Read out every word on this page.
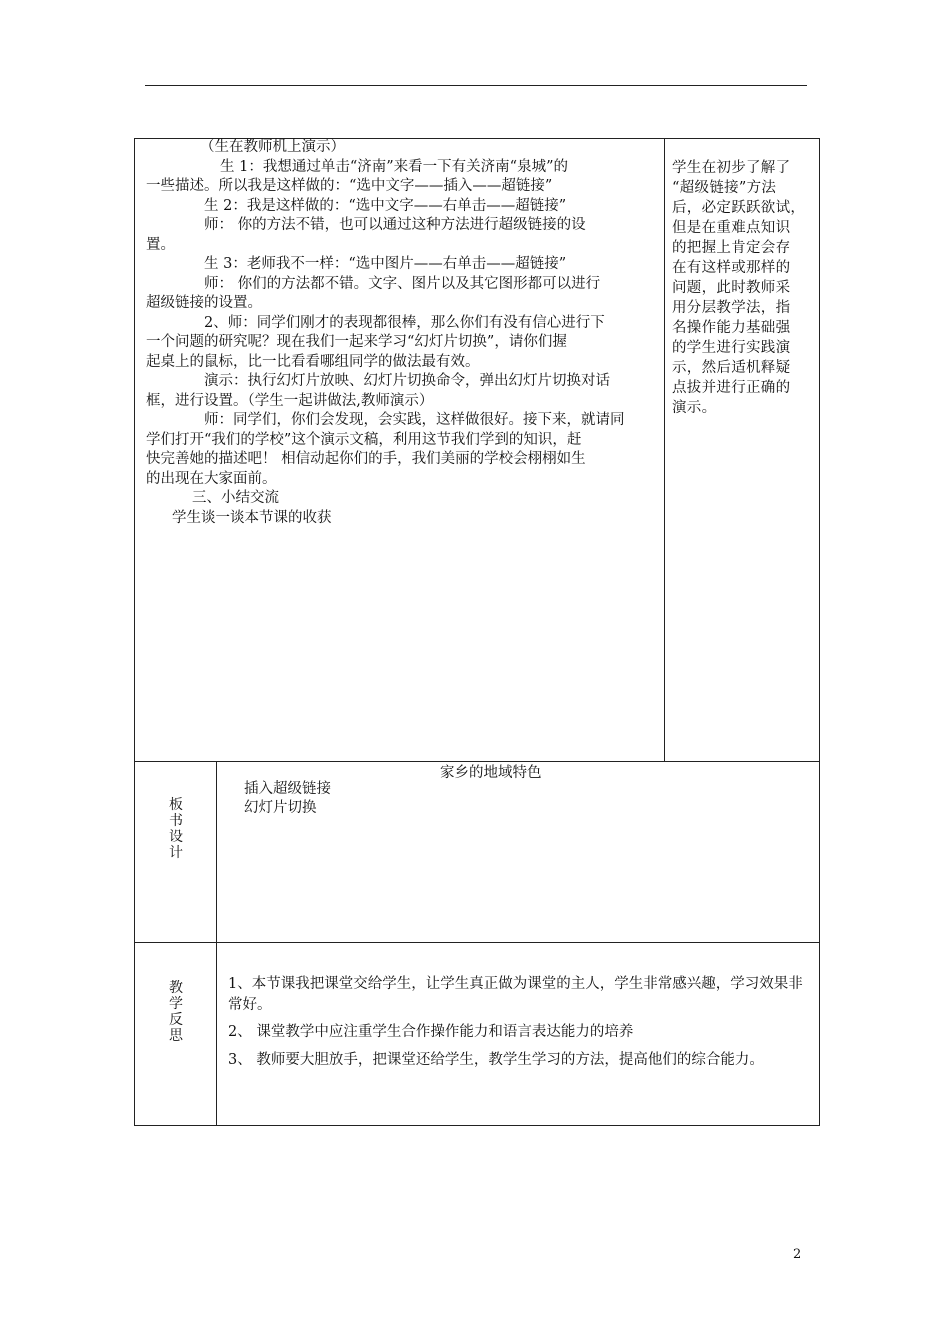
（生在教师机上演示）

生 1：我想通过单击“济南”来看一下有关济南“泉城”的

一些描述。所以我是这样做的：“选中文字——插入——超链接”

生 2：我是这样做的：“选中文字——右单击——超链接”

师： 你的方法不错，也可以通过这种方法进行超级链接的设

置。

生 3：老师我不一样：“选中图片——右单击——超链接”

师： 你们的方法都不错。文字、图片以及其它图形都可以进行

超级链接的设置。

2、师：同学们刚才的表现都很棒，那么你们有没有信心进行下

一个问题的研究呢？现在我们一起来学习“幻灯片切换”，请你们握

起桌上的鼠标，比一比看看哪组同学的做法最有效。

演示：执行幻灯片放映、幻灯片切换命令，弹出幻灯片切换对话

框，进行设置。（学生一起讲做法,教师演示）

师：同学们，你们会发现，会实践，这样做很好。接下来，就请同

学们打开“我们的学校”这个演示文稿，利用这节我们学到的知识，赶

快完善她的描述吧！ 相信动起你们的手，我们美丽的学校会栩栩如生

的出现在大家面前。

三、小结交流

学生谈一谈本节课的收获

学生在初步了解了
“超级链接”方法
后，必定跃跃欲试，
但是在重难点知识
的把握上肯定会存
在有这样或那样的
问题，此时教师采
用分层教学法，指
名操作能力基础强
的学生进行实践演
示，然后适机释疑
点拔并进行正确的
演示。
板书设计
家乡的地域特色
插入超级链接
幻灯片切换
教学反思
1、本节课我把课堂交给学生，让学生真正做为课堂的主人，学生非常感兴趣，学习效果非常好。
2、 课堂教学中应注重学生合作操作能力和语言表达能力的培养
3、 教师要大胆放手，把课堂还给学生，教学生学习的方法，提高他们的综合能力。
2
